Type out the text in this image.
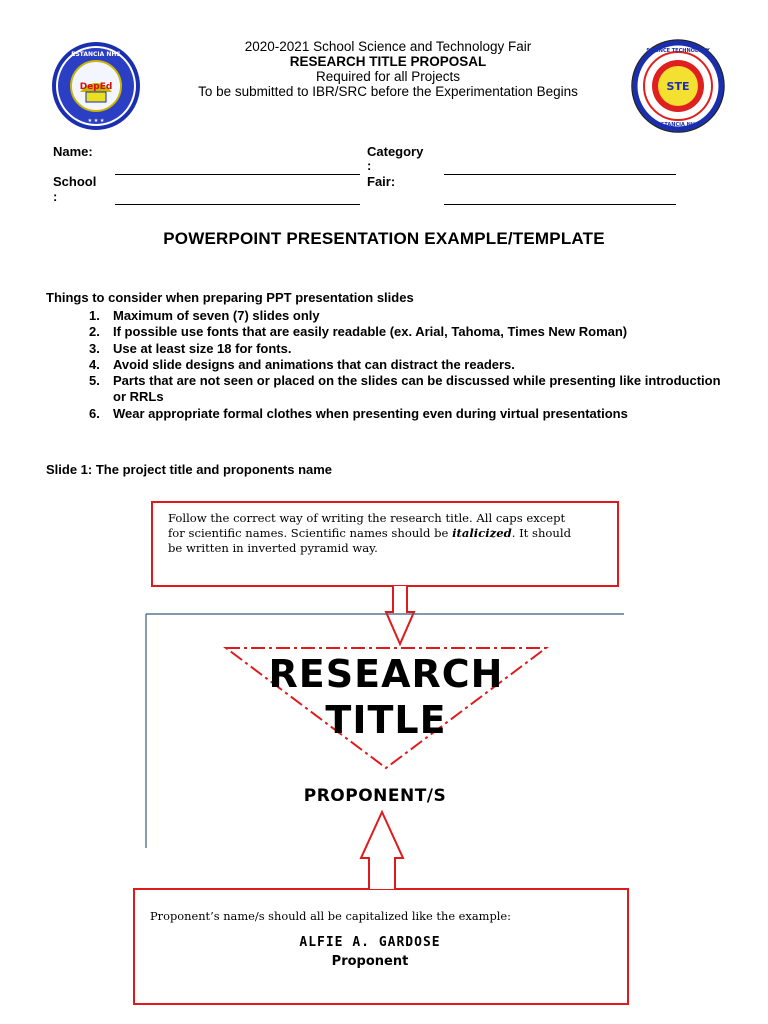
DepEd
ESTANCIA NHS
★ ★ ★
STE
SCIENCE TECHNOLOGY
ESTANCIA NHS
2020-2021 School Science and Technology Fair
RESEARCH TITLE PROPOSAL
Required for all Projects
To be submitted to IBR/SRC before the Experimentation Begins
Name:
School
:
Category
:
Fair:
POWERPOINT PRESENTATION EXAMPLE/TEMPLATE
Things to consider when preparing PPT presentation slides
1. Maximum of seven (7) slides only
2. If possible use fonts that are easily readable (ex. Arial, Tahoma, Times New Roman)
3. Use at least size 18 for fonts.
4. Avoid slide designs and animations that can distract the readers.
5. Parts that are not seen or placed on the slides can be discussed while presenting like introduction or RRLs
6. Wear appropriate formal clothes when presenting even during virtual presentations
Slide 1: The project title and proponents name
Follow the correct way of writing the research title. All caps except
for scientific names. Scientific names should be italicized. It should
be written in inverted pyramid way.
RESEARCH
TITLE
PROPONENT/S
Proponent’s name/s should all be capitalized like the example:
ALFIE A. GARDOSE
Proponent
